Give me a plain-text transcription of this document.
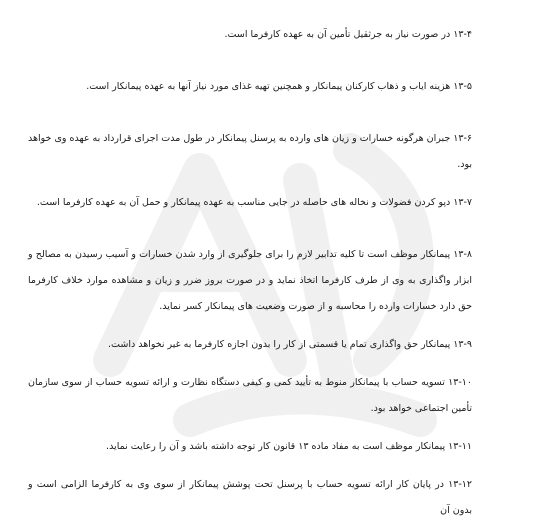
۱۳-۴ در صورت نیاز به جرثقیل تأمین آن به عهده کارفرما است.

۱۳-۵ هزینه ایاب و ذهاب کارکنان پیمانکار و همچنین تهیه غذای مورد نیاز آنها به عهده پیمانکار است.

۱۳-۶ جبران هرگونه خسارات و زیان های وارده به پرسنل پیمانکار در طول مدت اجرای قرارداد به عهده وی خواهد بود.

۱۳-۷ دپو کردن فضولات و نخاله های حاصله در جایی مناسب به عهده پیمانکار و حمل آن به عهده کارفرما است.

۱۳-۸ پیمانکار موظف است تا کلیه تدابیر لازم را برای جلوگیری از وارد شدن خسارات و آسیب رسیدن به مصالح و ابزار واگذاری به وی از طرف کارفرما اتخاذ نماید و در صورت بروز ضرر و زیان و مشاهده موارد خلاف کارفرما حق دارد خسارات وارده را محاسبه و از صورت وضعیت های پیمانکار کسر نماید.

۱۳-۹ پیمانکار حق واگذاری تمام یا قسمتی از کار را بدون اجازه کارفرما به غیر نخواهد داشت.

۱۳-۱۰ تسویه حساب با پیمانکار منوط به تأیید کمی و کیفی دستگاه نظارت و ارائه تسویه حساب از سوی سازمان تأمین اجتماعی خواهد بود.

۱۳-۱۱ پیمانکار موظف است به مفاد ماده ۱۳ قانون کار توجه داشته باشد و آن را رعایت نماید.

۱۳-۱۲ در پایان کار ارائه تسویه حساب با پرسنل تحت پوشش پیمانکار از سوی وی به کارفرما الزامی است و بدون آن
